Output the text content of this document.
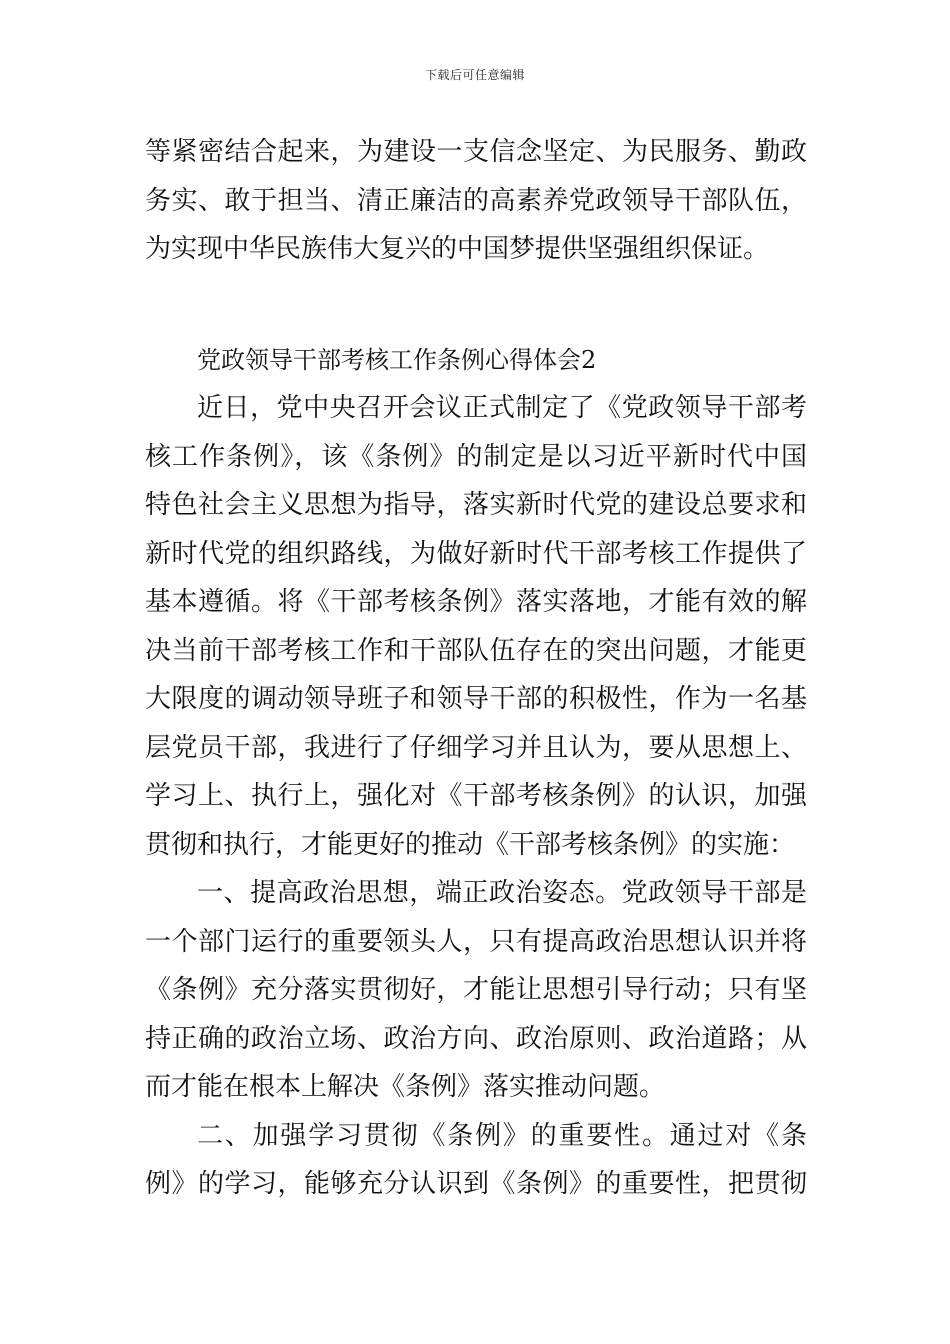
下载后可任意编辑
等紧密结合起来，为建设一支信念坚定、为民服务、勤政
务实、敢于担当、清正廉洁的高素养党政领导干部队伍，
为实现中华民族伟大复兴的中国梦提供坚强组织保证。
党政领导干部考核工作条例心得体会2
近日，党中央召开会议正式制定了《党政领导干部考
核工作条例》，该《条例》的制定是以习近平新时代中国
特色社会主义思想为指导，落实新时代党的建设总要求和
新时代党的组织路线，为做好新时代干部考核工作提供了
基本遵循。将《干部考核条例》落实落地，才能有效的解
决当前干部考核工作和干部队伍存在的突出问题，才能更
大限度的调动领导班子和领导干部的积极性，作为一名基
层党员干部，我进行了仔细学习并且认为，要从思想上、
学习上、执行上，强化对《干部考核条例》的认识，加强
贯彻和执行，才能更好的推动《干部考核条例》的实施：
一、提高政治思想，端正政治姿态。党政领导干部是
一个部门运行的重要领头人，只有提高政治思想认识并将
《条例》充分落实贯彻好，才能让思想引导行动；只有坚
持正确的政治立场、政治方向、政治原则、政治道路；从
而才能在根本上解决《条例》落实推动问题。
二、加强学习贯彻《条例》的重要性。通过对《条
例》的学习，能够充分认识到《条例》的重要性，把贯彻
